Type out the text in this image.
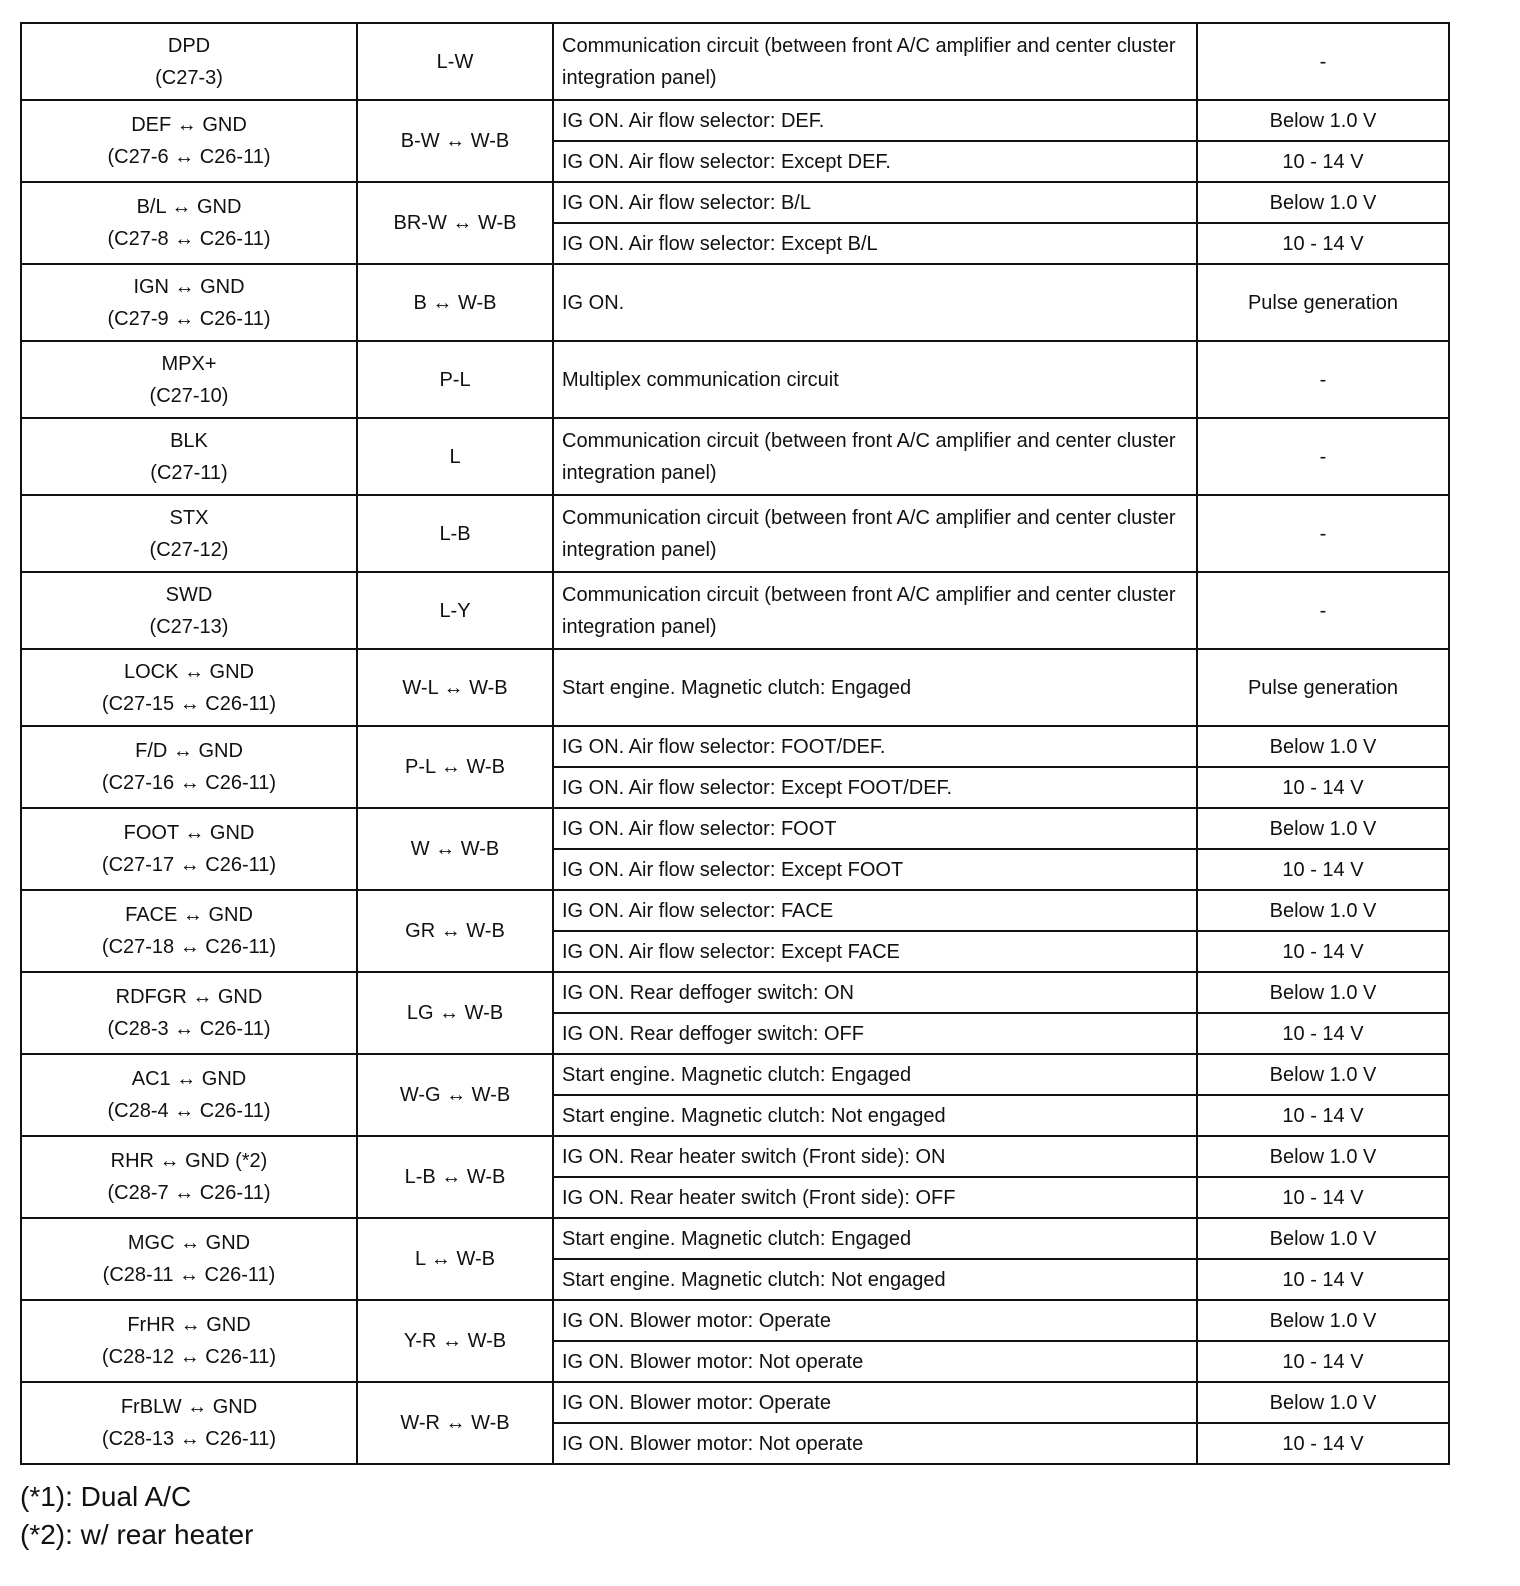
DPD
(C27-3)	L-W	Communication circuit (between front A/C amplifier and center cluster integration panel)	-

DEF ↔ GND
(C27-6 ↔ C26-11)	B-W ↔ W-B	IG ON. Air flow selector: DEF.	Below 1.0 V
		IG ON. Air flow selector: Except DEF.	10 - 14 V

B/L ↔ GND
(C27-8 ↔ C26-11)	BR-W ↔ W-B	IG ON. Air flow selector: B/L	Below 1.0 V
		IG ON. Air flow selector: Except B/L	10 - 14 V

IGN ↔ GND
(C27-9 ↔ C26-11)	B ↔ W-B	IG ON.	Pulse generation

MPX+
(C27-10)	P-L	Multiplex communication circuit	-

BLK
(C27-11)	L	Communication circuit (between front A/C amplifier and center cluster integration panel)	-

STX
(C27-12)	L-B	Communication circuit (between front A/C amplifier and center cluster integration panel)	-

SWD
(C27-13)	L-Y	Communication circuit (between front A/C amplifier and center cluster integration panel)	-

LOCK ↔ GND
(C27-15 ↔ C26-11)	W-L ↔ W-B	Start engine. Magnetic clutch: Engaged	Pulse generation

F/D ↔ GND
(C27-16 ↔ C26-11)	P-L ↔ W-B	IG ON. Air flow selector: FOOT/DEF.	Below 1.0 V
		IG ON. Air flow selector: Except FOOT/DEF.	10 - 14 V

FOOT ↔ GND
(C27-17 ↔ C26-11)	W ↔ W-B	IG ON. Air flow selector: FOOT	Below 1.0 V
		IG ON. Air flow selector: Except FOOT	10 - 14 V

FACE ↔ GND
(C27-18 ↔ C26-11)	GR ↔ W-B	IG ON. Air flow selector: FACE	Below 1.0 V
		IG ON. Air flow selector: Except FACE	10 - 14 V

RDFGR ↔ GND
(C28-3 ↔ C26-11)	LG ↔ W-B	IG ON. Rear deffoger switch: ON	Below 1.0 V
		IG ON. Rear deffoger switch: OFF	10 - 14 V

AC1 ↔ GND
(C28-4 ↔ C26-11)	W-G ↔ W-B	Start engine. Magnetic clutch: Engaged	Below 1.0 V
		Start engine. Magnetic clutch: Not engaged	10 - 14 V

RHR ↔ GND (*2)
(C28-7 ↔ C26-11)	L-B ↔ W-B	IG ON. Rear heater switch (Front side): ON	Below 1.0 V
		IG ON. Rear heater switch (Front side): OFF	10 - 14 V

MGC ↔ GND
(C28-11 ↔ C26-11)	L ↔ W-B	Start engine. Magnetic clutch: Engaged	Below 1.0 V
		Start engine. Magnetic clutch: Not engaged	10 - 14 V

FrHR ↔ GND
(C28-12 ↔ C26-11)	Y-R ↔ W-B	IG ON. Blower motor: Operate	Below 1.0 V
		IG ON. Blower motor: Not operate	10 - 14 V

FrBLW ↔ GND
(C28-13 ↔ C26-11)	W-R ↔ W-B	IG ON. Blower motor: Operate	Below 1.0 V
		IG ON. Blower motor: Not operate	10 - 14 V
(*1): Dual A/C
(*2): w/ rear heater
